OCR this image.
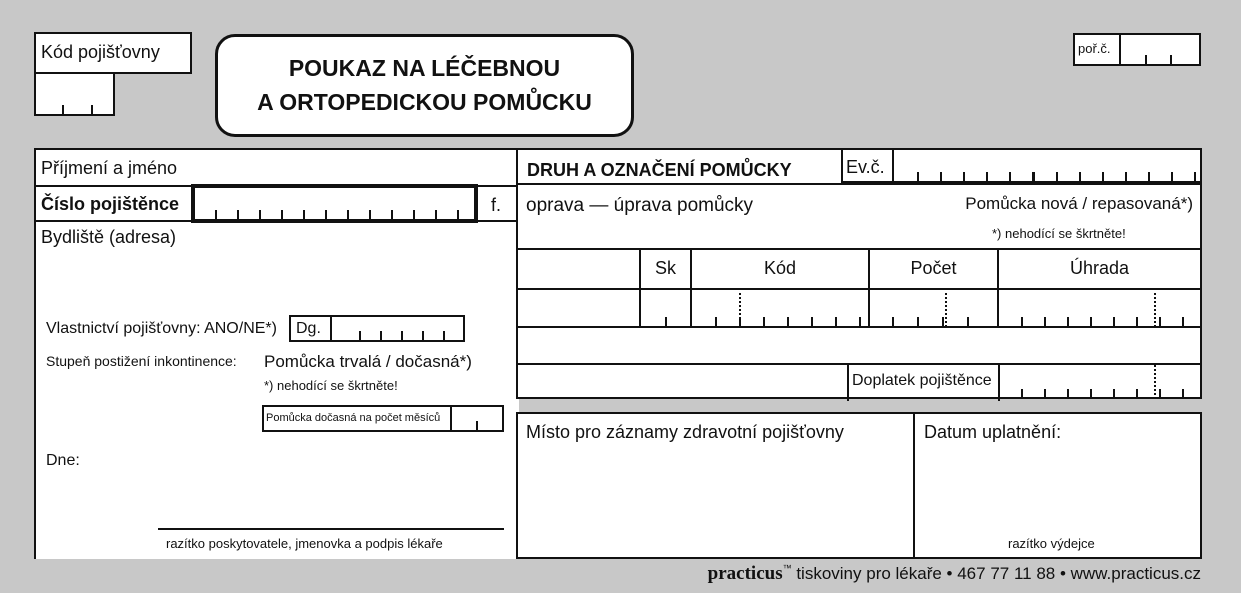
Kód pojišťovny
POUKAZ NA LÉČEBNOU
A ORTOPEDICKOU POMŮCKU
poř.č.
Příjmení a jméno
Číslo pojištěnce
Bydliště (adresa)
f.
Vlastnictví pojišťovny: ANO/NE*)
Stupeň postižení inkontinence: Pomůcka trvalá / dočasná*)
*) nehodící se škrtněte!
Dne:
razítko poskytovatele, jmenovka a podpis lékaře
Dg.
Pomůcka dočasná na počet měsíců
DRUH A OZNAČENÍ POMŮCKY
oprava — úprava pomůcky	Pomůcka nová / repasovaná*)
*) nehodící se škrtněte!
Sk	Kód	Počet	Úhrada
Doplatek pojištěnce
Ev.č.
Místo pro záznamy zdravotní pojišťovny	Datum uplatnění:
razítko výdejce
practicus™ tiskoviny pro lékaře • 467 77 11 88 • www.practicus.cz
